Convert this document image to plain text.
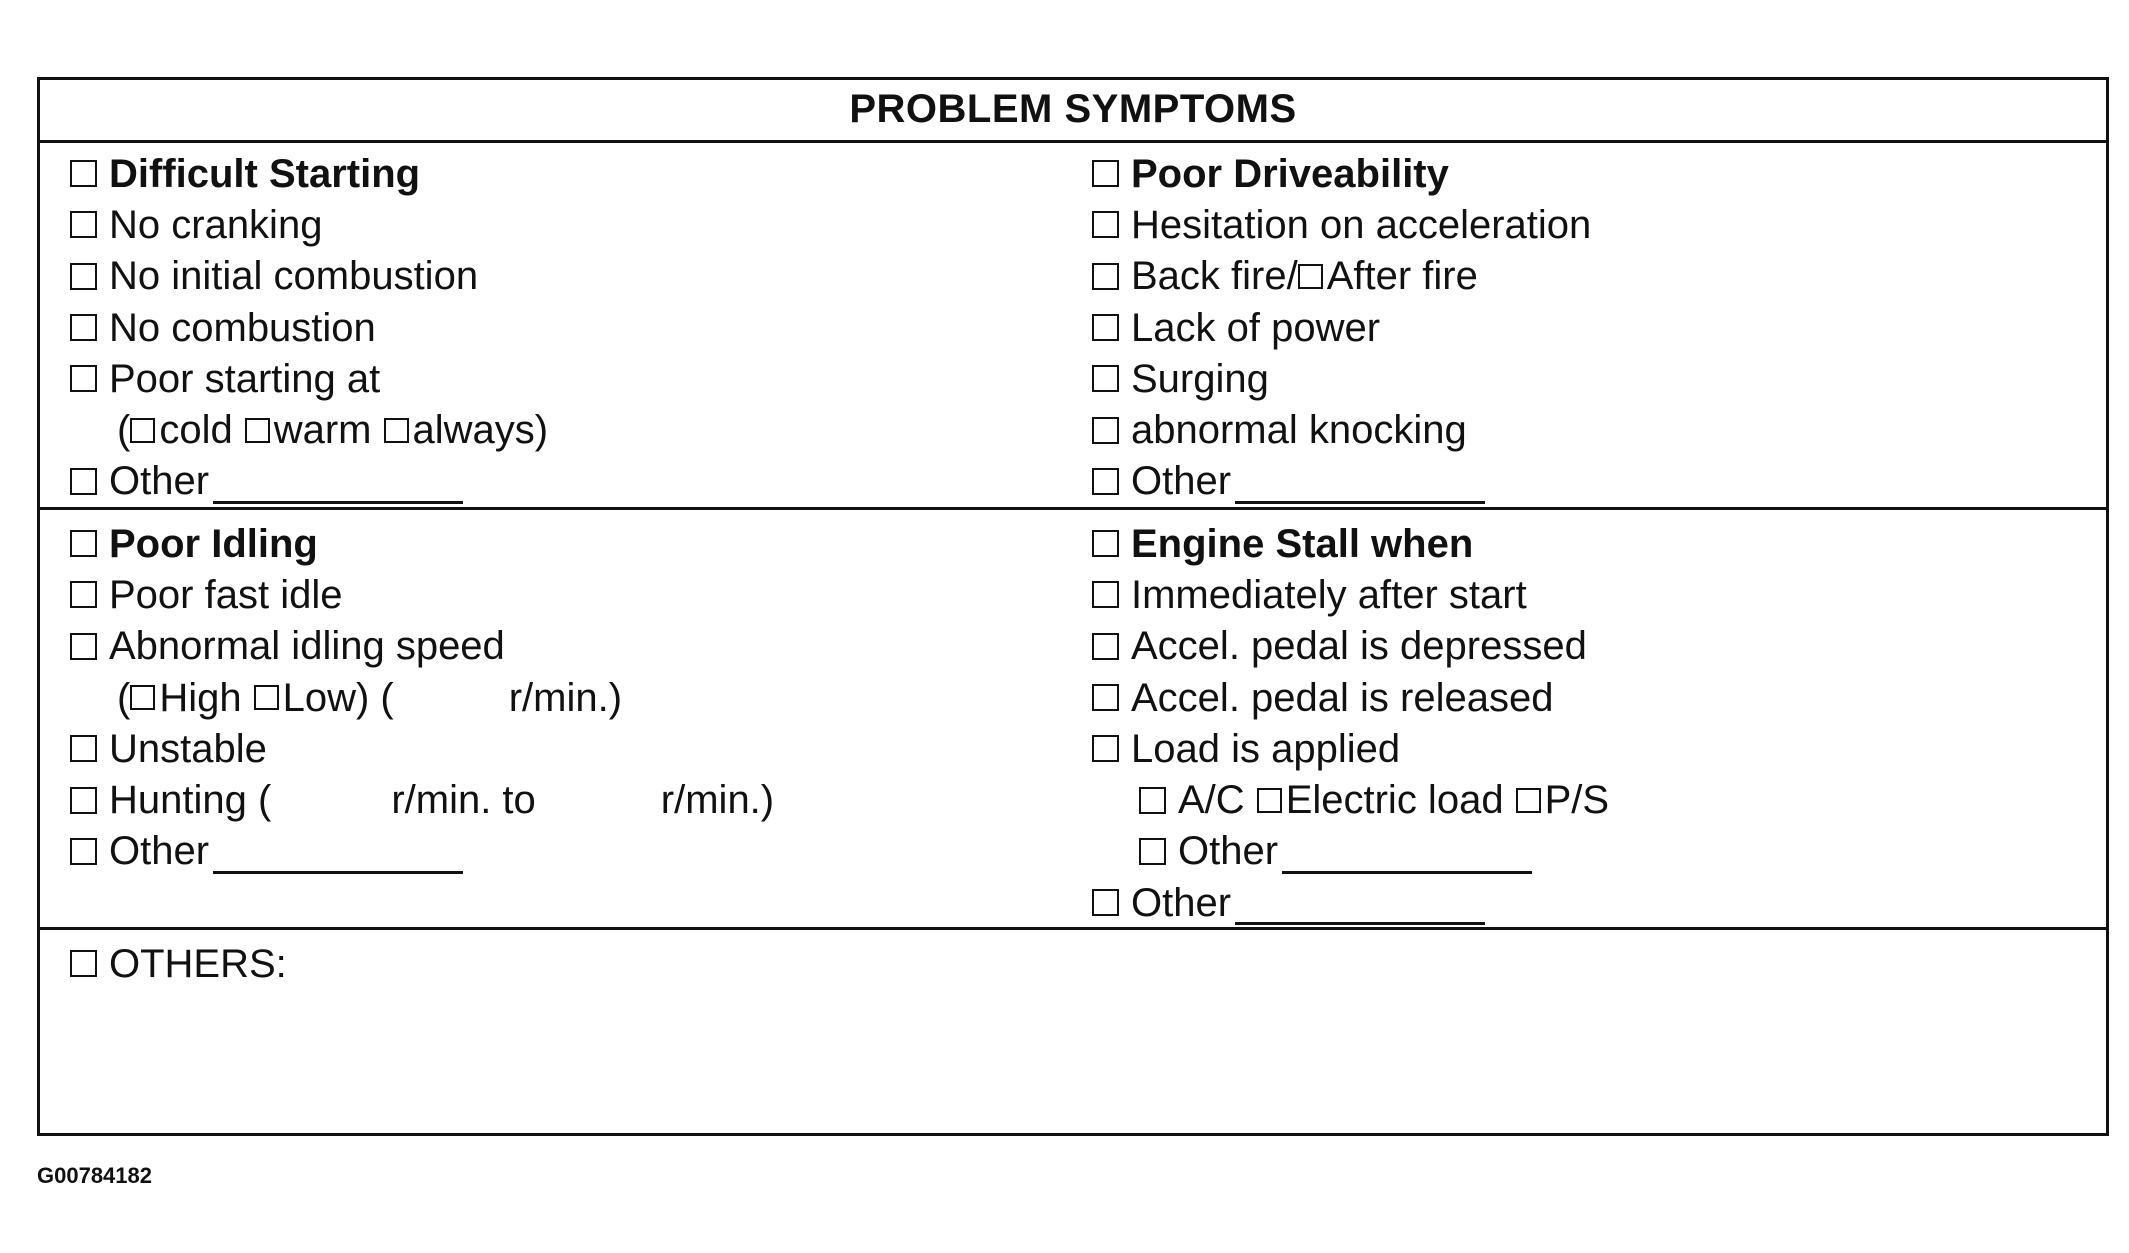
PROBLEM SYMPTOMS
Difficult Starting
No cranking
No initial combustion
No combustion
Poor starting at
( cold warm always )
Other
Poor Driveability
Hesitation on acceleration
Back fire/ After fire
Lack of power
Surging
abnormal knocking
Other
Poor Idling
Poor fast idle
Abnormal idling speed
( High Low) (	r/min.)
Unstable
Hunting (	r/min. to	r/min.)
Other
Engine Stall when
Immediately after start
Accel. pedal is depressed
Accel. pedal is released
Load is applied
A/C Electric load P/S
Other
Other
OTHERS:
G00784182
